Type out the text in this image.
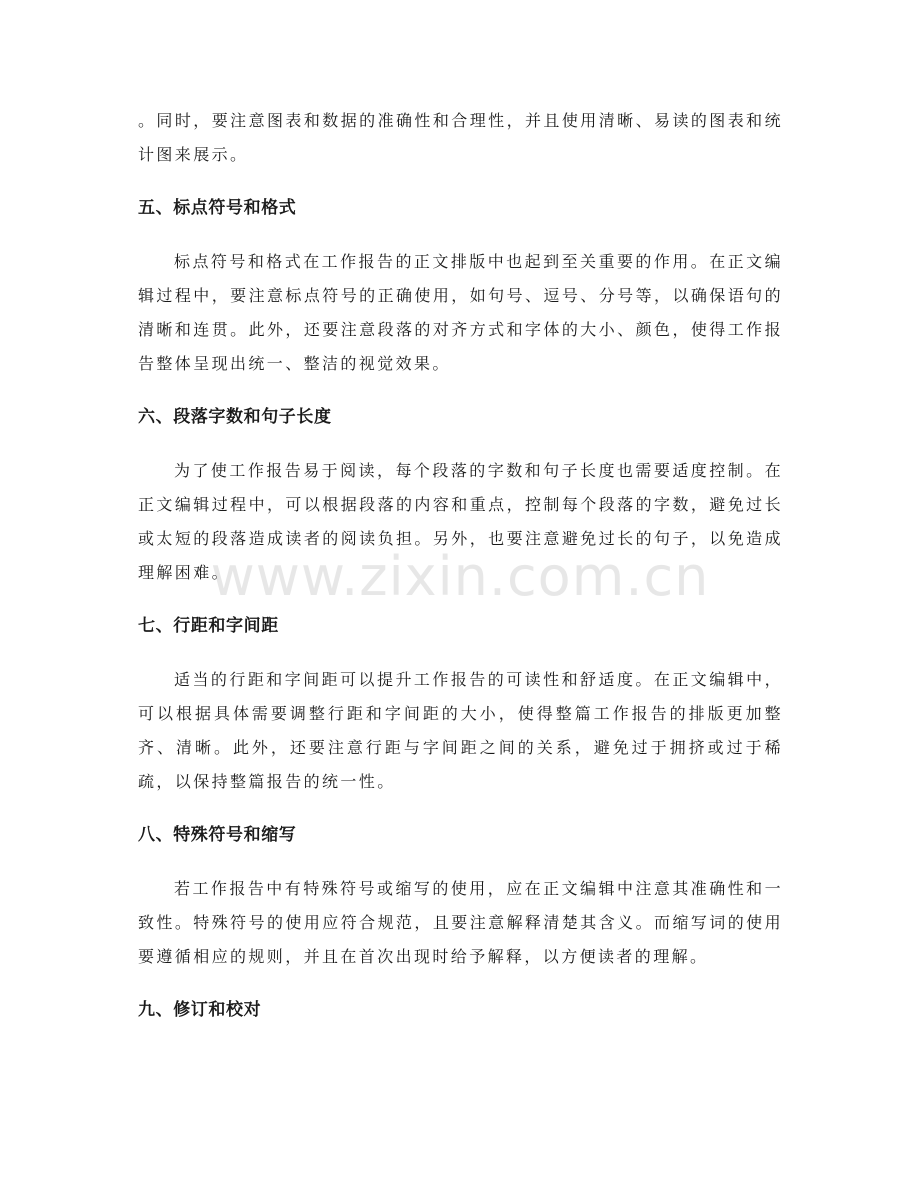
。同时，要注意图表和数据的准确性和合理性，并且使用清晰、易读的图表和统计图来展示。

五、标点符号和格式

标点符号和格式在工作报告的正文排版中也起到至关重要的作用。在正文编辑过程中，要注意标点符号的正确使用，如句号、逗号、分号等，以确保语句的清晰和连贯。此外，还要注意段落的对齐方式和字体的大小、颜色，使得工作报告整体呈现出统一、整洁的视觉效果。

六、段落字数和句子长度

为了使工作报告易于阅读，每个段落的字数和句子长度也需要适度控制。在正文编辑过程中，可以根据段落的内容和重点，控制每个段落的字数，避免过长或太短的段落造成读者的阅读负担。另外，也要注意避免过长的句子，以免造成理解困难。

七、行距和字间距

适当的行距和字间距可以提升工作报告的可读性和舒适度。在正文编辑中，可以根据具体需要调整行距和字间距的大小，使得整篇工作报告的排版更加整齐、清晰。此外，还要注意行距与字间距之间的关系，避免过于拥挤或过于稀疏，以保持整篇报告的统一性。

八、特殊符号和缩写

若工作报告中有特殊符号或缩写的使用，应在正文编辑中注意其准确性和一致性。特殊符号的使用应符合规范，且要注意解释清楚其含义。而缩写词的使用要遵循相应的规则，并且在首次出现时给予解释，以方便读者的理解。

九、修订和校对
www.zixin.com.cn
